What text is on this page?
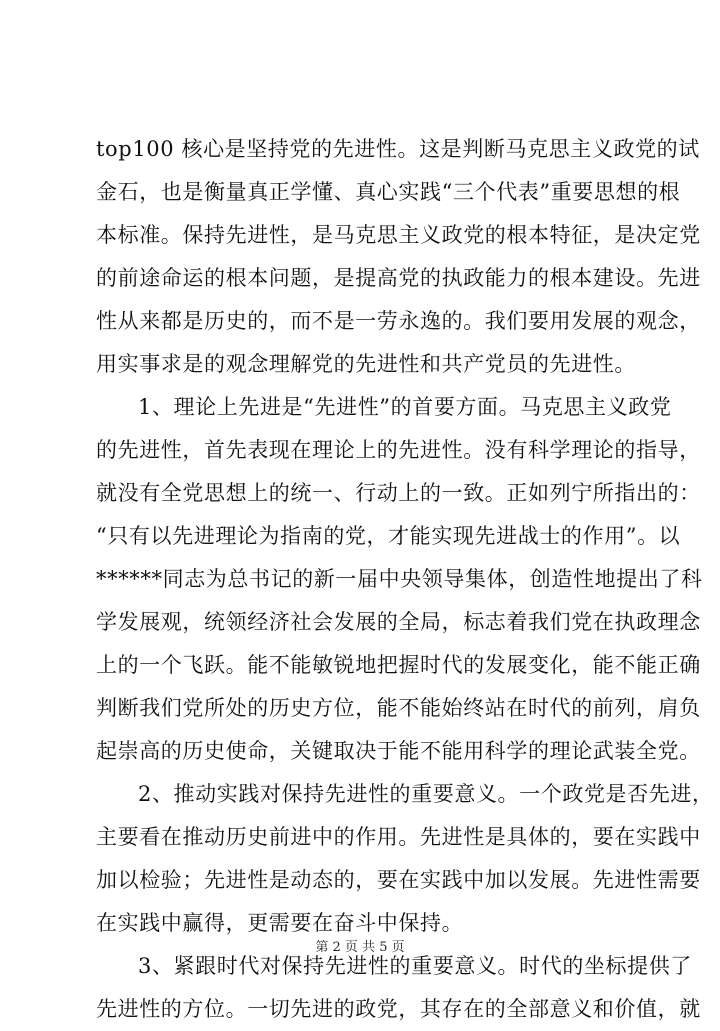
top100 核心是坚持党的先进性。这是判断马克思主义政党的试
金石，也是衡量真正学懂、真心实践“三个代表”重要思想的根
本标准。保持先进性，是马克思主义政党的根本特征，是决定党
的前途命运的根本问题，是提高党的执政能力的根本建设。先进
性从来都是历史的，而不是一劳永逸的。我们要用发展的观念，
用实事求是的观念理解党的先进性和共产党员的先进性。
1、理论上先进是“先进性”的首要方面。马克思主义政党
的先进性，首先表现在理论上的先进性。没有科学理论的指导，
就没有全党思想上的统一、行动上的一致。正如列宁所指出的：
“只有以先进理论为指南的党，才能实现先进战士的作用”。以
******同志为总书记的新一届中央领导集体，创造性地提出了科
学发展观，统领经济社会发展的全局，标志着我们党在执政理念
上的一个飞跃。能不能敏锐地把握时代的发展变化，能不能正确
判断我们党所处的历史方位，能不能始终站在时代的前列，肩负
起崇高的历史使命，关键取决于能不能用科学的理论武装全党。
2、推动实践对保持先进性的重要意义。一个政党是否先进，
主要看在推动历史前进中的作用。先进性是具体的，要在实践中
加以检验；先进性是动态的，要在实践中加以发展。先进性需要
在实践中赢得，更需要在奋斗中保持。
3、紧跟时代对保持先进性的重要意义。时代的坐标提供了
先进性的方位。一切先进的政党，其存在的全部意义和价值，就
第 2 页 共 5 页
